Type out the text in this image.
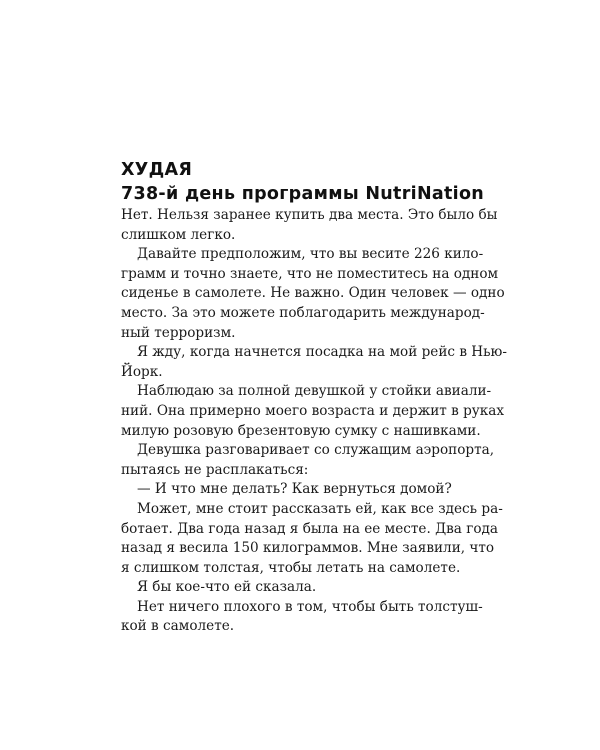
ХУДАЯ
738-й день программы NutriNation
Нет. Нельзя заранее купить два места. Это было бы
слишком легко.
Давайте предположим, что вы весите 226 кило-
грамм и точно знаете, что не поместитесь на одном
сиденье в самолете. Не важно. Один человек — одно
место. За это можете поблагодарить международ-
ный терроризм.
Я жду, когда начнется посадка на мой рейс в Нью-
Йорк.
Наблюдаю за полной девушкой у стойки авиали-
ний. Она примерно моего возраста и держит в руках
милую розовую брезентовую сумку с нашивками.
Девушка разговаривает со служащим аэропорта,
пытаясь не расплакаться:
— И что мне делать? Как вернуться домой?
Может, мне стоит рассказать ей, как все здесь ра-
ботает. Два года назад я была на ее месте. Два года
назад я весила 150 килограммов. Мне заявили, что
я слишком толстая, чтобы летать на самолете.
Я бы кое-что ей сказала.
Нет ничего плохого в том, чтобы быть толстуш-
кой в самолете.
